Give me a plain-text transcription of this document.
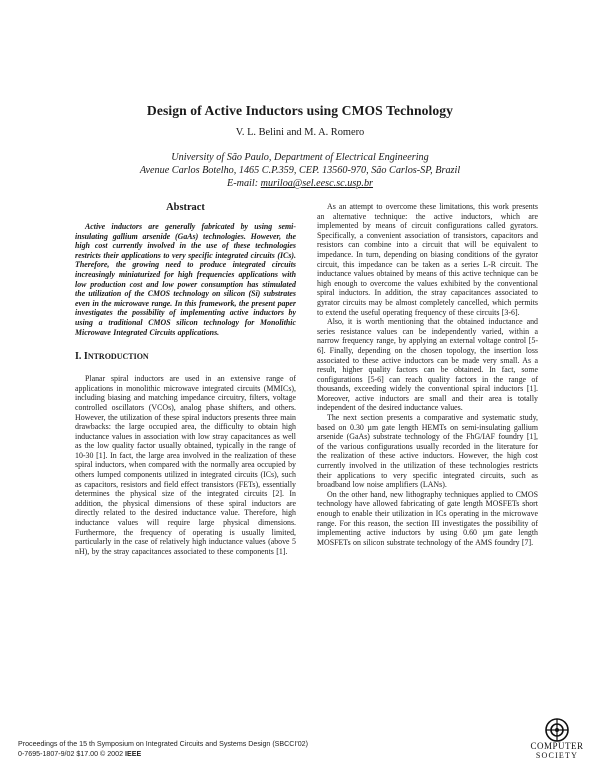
Design of Active Inductors using CMOS Technology
V. L. Belini and M. A. Romero
University of São Paulo, Department of Electrical Engineering
Avenue Carlos Botelho, 1465 C.P.359, CEP. 13560-970, São Carlos-SP, Brazil
E-mail: muriloa@sel.eesc.sc.usp.br
Abstract

Active inductors are generally fabricated by using semi-insulating gallium arsenide (GaAs) technologies. However, the high cost currently involved in the use of these technologies restricts their applications to very specific integrated circuits (ICs). Therefore, the growing need to produce integrated circuits increasingly miniaturized for high frequencies applications with low production cost and low power consumption has stimulated the utilization of the CMOS technology on silicon (Si) substrates even in the microwave range. In this framework, the present paper investigates the possibility of implementing active inductors by using a traditional CMOS silicon technology for Monolithic Microwave Integrated Circuits applications.

I. INTRODUCTION

Planar spiral inductors are used in an extensive range of applications in monolithic microwave integrated circuits (MMICs), including biasing and matching impedance circuitry, filters, voltage controlled oscillators (VCOs), analog phase shifters, and others. However, the utilization of these spiral inductors presents three main drawbacks: the large occupied area, the difficulty to obtain high inductance values in association with low stray capacitances as well as the low quality factor usually obtained, typically in the range of 10-30 [1]. In fact, the large area involved in the realization of these spiral inductors, when compared with the normally area occupied by others lumped components utilized in integrated circuits (ICs), such as capacitors, resistors and field effect transistors (FETs), essentially determines the physical size of the integrated circuits [2]. In addition, the physical dimensions of these spiral inductors are directly related to the desired inductance value. Therefore, high inductance values will require large physical dimensions. Furthermore, the frequency of operating is usually limited, particularly in the case of relatively high inductance values (above 5 nH), by the stray capacitances associated to these components [1].

As an attempt to overcome these limitations, this work presents an alternative technique: the active inductors, which are implemented by means of circuit configurations called gyrators. Specifically, a convenient association of transistors, capacitors and resistors can combine into a circuit that will be equivalent to impedance. In turn, depending on biasing conditions of the gyrator circuit, this impedance can be taken as a series L-R circuit. The inductance values obtained by means of this active technique can be high enough to overcome the values exhibited by the conventional spiral inductors. In addition, the stray capacitances associated to gyrator circuits may be almost completely cancelled, which permits to extend the useful operating frequency of these circuits [3-6].

Also, it is worth mentioning that the obtained inductance and series resistance values can be independently varied, within a narrow frequency range, by applying an external voltage control [5-6]. Finally, depending on the chosen topology, the insertion loss associated to these active inductors can be made very small. As a result, higher quality factors can be obtained. In fact, some configurations [5-6] can reach quality factors in the range of thousands, exceeding widely the conventional spiral inductors [1]. Moreover, active inductors are small and their area is totally independent of the desired inductance values.

The next section presents a comparative and systematic study, based on 0.30 µm gate length HEMTs on semi-insulating gallium arsenide (GaAs) substrate technology of the FhG/IAF foundry [1], of the various configurations usually recorded in the literature for the realization of these active inductors. However, the high cost currently involved in the utilization of these technologies restricts their applications to very specific integrated circuits, such as broadband low noise amplifiers (LANs).

On the other hand, new lithography techniques applied to CMOS technology have allowed fabricating of gate length MOSFETs short enough to enable their utilization in ICs operating in the microwave range. For this reason, the section III investigates the possibility of implementing active inductors by using 0.60 µm gate length MOSFETs on silicon substrate technology of the AMS foundry [7].

Proceedings of the 15 th Symposium on Integrated Circuits and Systems Design (SBCCI'02)
0-7695-1807-9/02 $17.00 © 2002 IEEE
COMPUTER
SOCIETY
